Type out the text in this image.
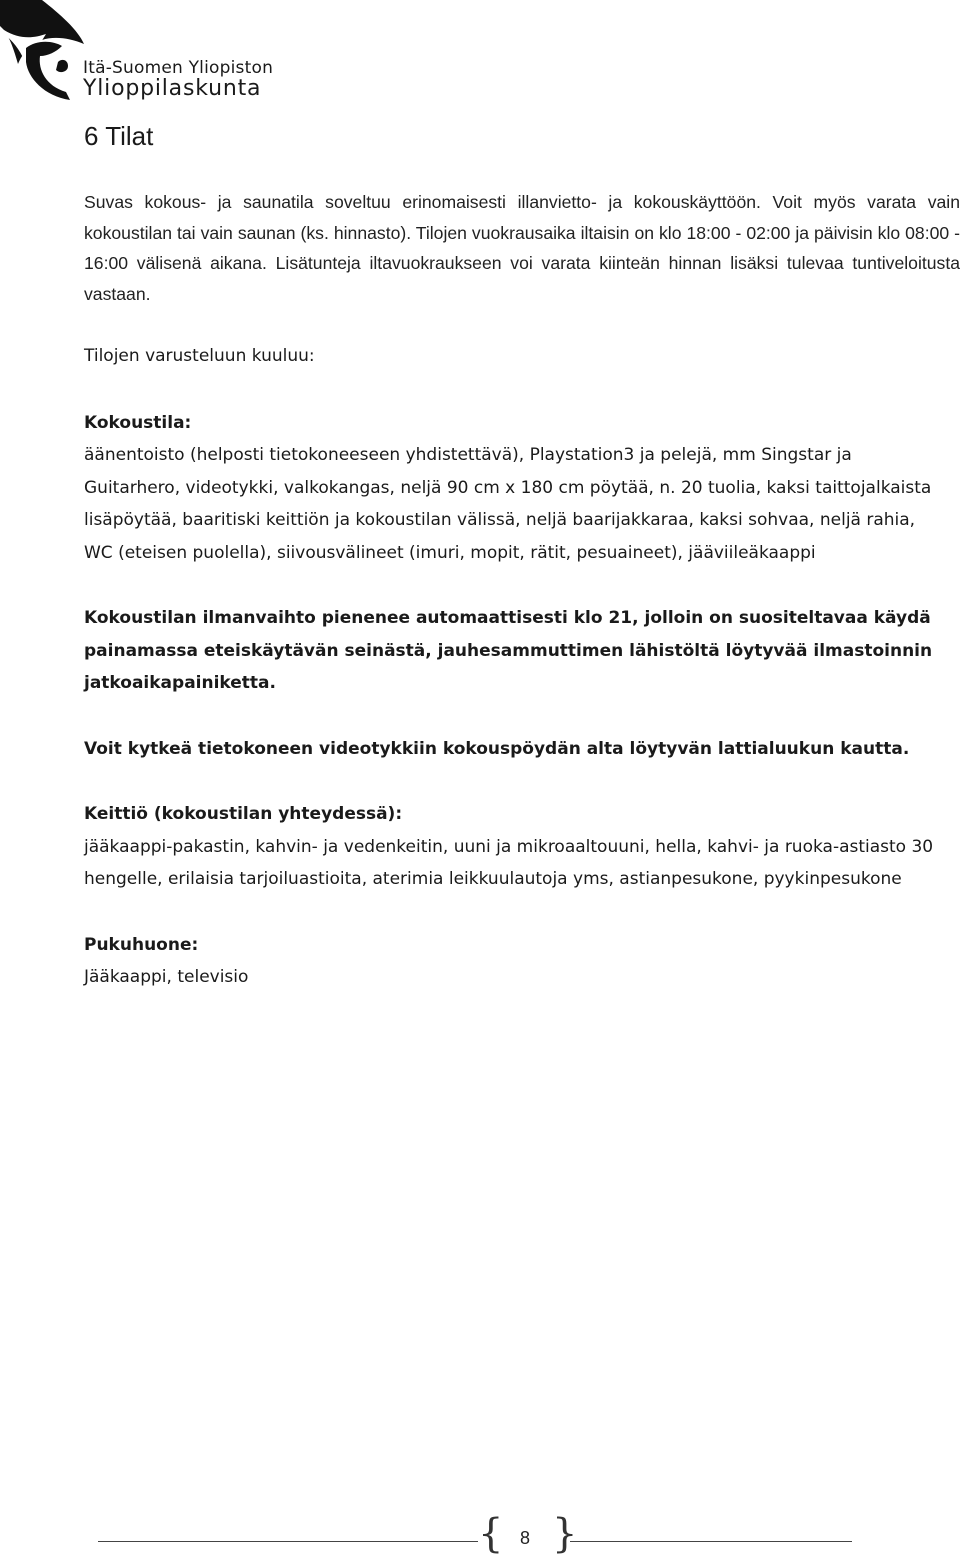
Itä-Suomen Yliopiston
Ylioppilaskunta
6 Tilat

Suvas kokous- ja saunatila soveltuu erinomaisesti illanvietto- ja kokouskäyttöön. Voit myös varata vain kokoustilan tai vain saunan (ks. hinnasto). Tilojen vuokrausaika iltaisin on klo 18:00 - 02:00 ja päivisin klo 08:00 - 16:00 välisenä aikana. Lisätunteja iltavuokraukseen voi varata kiinteän hinnan lisäksi tulevaa tuntiveloitusta vastaan.

Tilojen varusteluun kuuluu:

Kokoustila:

äänentoisto (helposti tietokoneeseen yhdistettävä), Playstation3 ja pelejä, mm Singstar ja Guitarhero, videotykki, valkokangas, neljä 90 cm x 180 cm pöytää, n. 20 tuolia, kaksi taittojalkaista lisäpöytää, baaritiski keittiön ja kokoustilan välissä, neljä baarijakkaraa, kaksi sohvaa, neljä rahia, WC (eteisen puolella), siivousvälineet (imuri, mopit, rätit, pesuaineet), jääviileäkaappi

Kokoustilan ilmanvaihto pienenee automaattisesti klo 21, jolloin on suositeltavaa käydä painamassa eteiskäytävän seinästä, jauhesammuttimen lähistöltä löytyvää ilmastoinnin jatkoaikapainiketta.

Voit kytkeä tietokoneen videotykkiin kokouspöydän alta löytyvän lattialuukun kautta.

Keittiö (kokoustilan yhteydessä):

jääkaappi-pakastin, kahvin- ja vedenkeitin, uuni ja mikroaaltouuni, hella, kahvi- ja ruoka-astiasto 30 hengelle, erilaisia tarjoiluastioita, aterimia leikkuulautoja yms, astianpesukone, pyykinpesukone

Pukuhuone:

Jääkaappi, televisio

{ 8 }
